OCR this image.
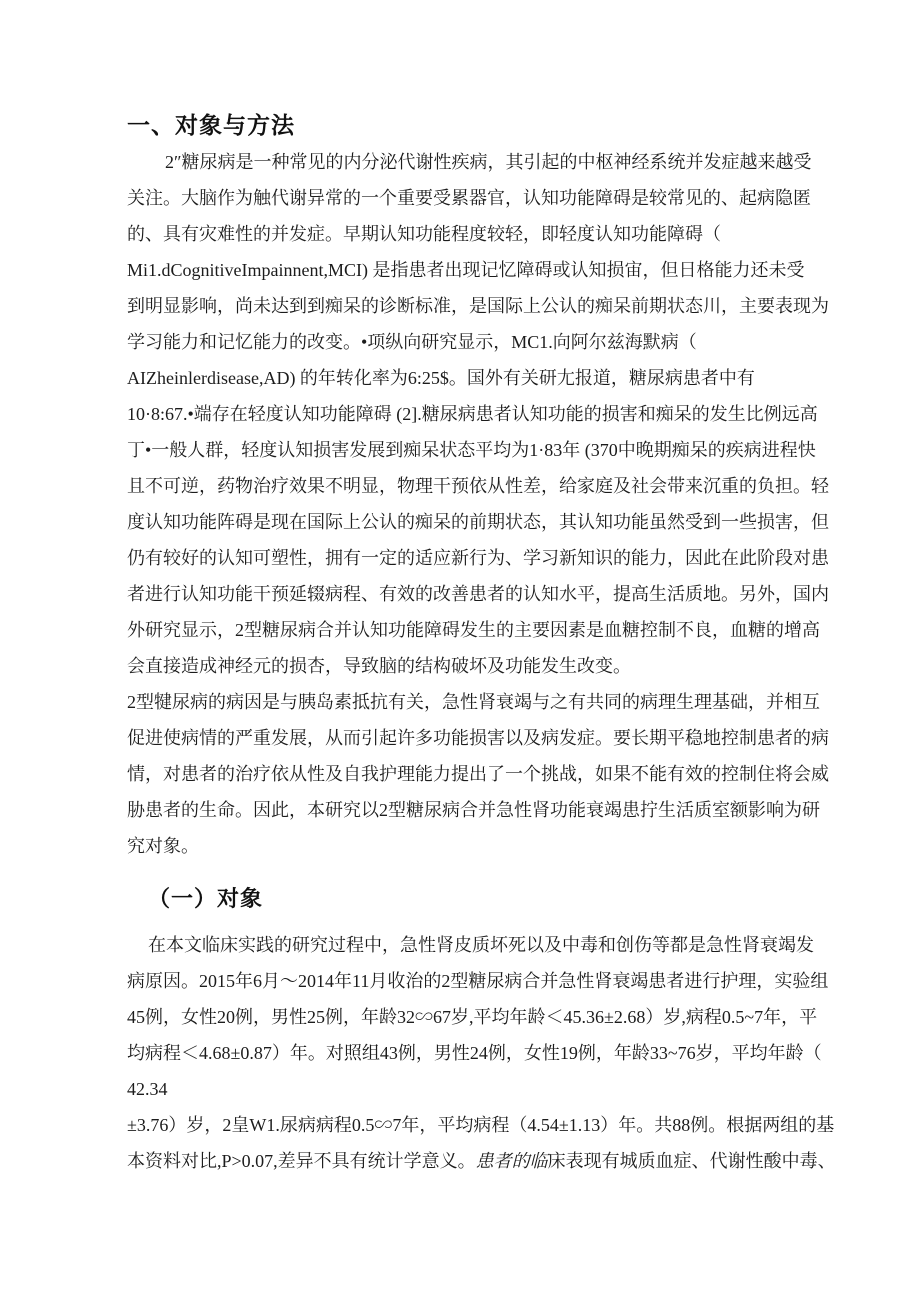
一、对象与方法
2″糖尿病是一种常见的内分泌代谢性疾病，其引起的中枢神经系统并发症越来越受
关注。大脑作为触代谢异常的一个重要受累器官，认知功能障碍是较常见的、起病隐匿
的、具有灾难性的并发症。早期认知功能程度较轻，即轻度认知功能障碍（
Mi1.dCognitiveImpainnent,MCI) 是指患者出现记忆障碍或认知损宙，但日格能力还未受
到明显影响，尚未达到到痴呆的诊断标准，是国际上公认的痴呆前期状态川，主要表现为
学习能力和记忆能力的改变。•项纵向研究显示，MC1.向阿尔兹海默病（
AIZheinlerdisease,AD) 的年转化率为6:25$。国外有关研尢报道，糖尿病患者中有
10·8:67.•端存在轻度认知功能障碍 (2].糖尿病患者认知功能的损害和痴呆的发生比例远高
丁•一般人群，轻度认知损害发展到痴呆状态平均为1·83年 (370中晚期痴呆的疾病进程快
且不可逆，药物治疗效果不明显，物理干预依从性差，给家庭及社会带来沉重的负担。轻
度认知功能阵碍是现在国际上公认的痴呆的前期状态，其认知功能虽然受到一些损害，但
仍有较好的认知可塑性，拥有一定的适应新行为、学习新知识的能力，因此在此阶段对患
者进行认知功能干预延辍病程、有效的改善患者的认知水平，提高生活质地。另外，国内
外研究显示，2型糖尿病合并认知功能障碍发生的主要因素是血糖控制不良，血糖的增高
会直接造成神经元的损杏，导致脑的结构破坏及功能发生改变。
2型犍尿病的病因是与胰岛素抵抗有关，急性肾衰竭与之有共同的病理生理基础，并相互
促进使病情的严重发展，从而引起许多功能损害以及病发症。要长期平稳地控制患者的病
情，对患者的治疗依从性及自我护理能力提出了一个挑战，如果不能有效的控制住将会威
胁患者的生命。因此，本研究以2型糖尿病合并急性肾功能衰竭患拧生活质室额影响为研
究对象。
（一）对象
在本文临床实践的研究过程中，急性肾皮质坏死以及中毒和创伤等都是急性肾衰竭发
病原因。2015年6月～2014年11月收治的2型糖尿病合并急性肾衰竭患者进行护理，实验组
45例，女性20例，男性25例，年龄32∽67岁,平均年龄＜45.36±2.68）岁,病程0.5~7年，平
均病程＜4.68±0.87）年。对照组43例，男性24例，女性19例，年龄33~76岁，平均年龄（
42.34
±3.76）岁，2皇W1.尿病病程0.5∽7年，平均病程（4.54±1.13）年。共88例。根据两组的基
本资料对比,P>0.07,差异不具有统计学意义。患者的临床表现有城质血症、代谢性酸中毒、
